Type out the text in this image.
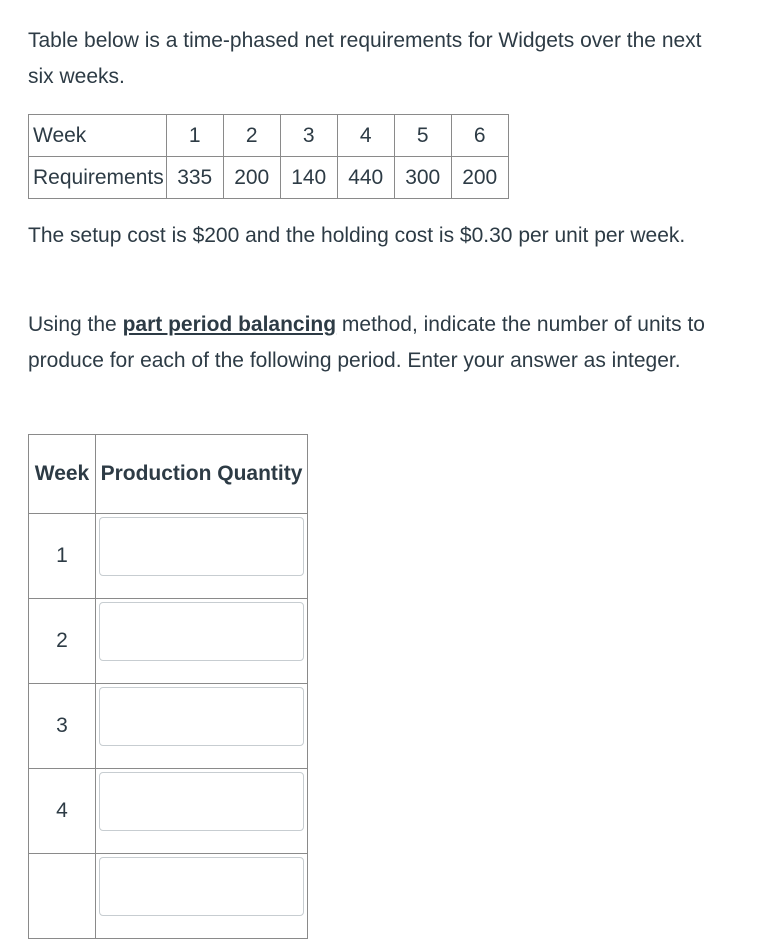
Table below is a time-phased net requirements for Widgets over the next six weeks.

Week	1	2	3	4	5	6
Requirements	335	200	140	440	300	200

The setup cost is $200 and the holding cost is $0.30 per unit per week.

Using the part period balancing method, indicate the number of units to produce for each of the following period. Enter your answer as integer.

Week	Production Quantity
1	

2	

3	

4	
